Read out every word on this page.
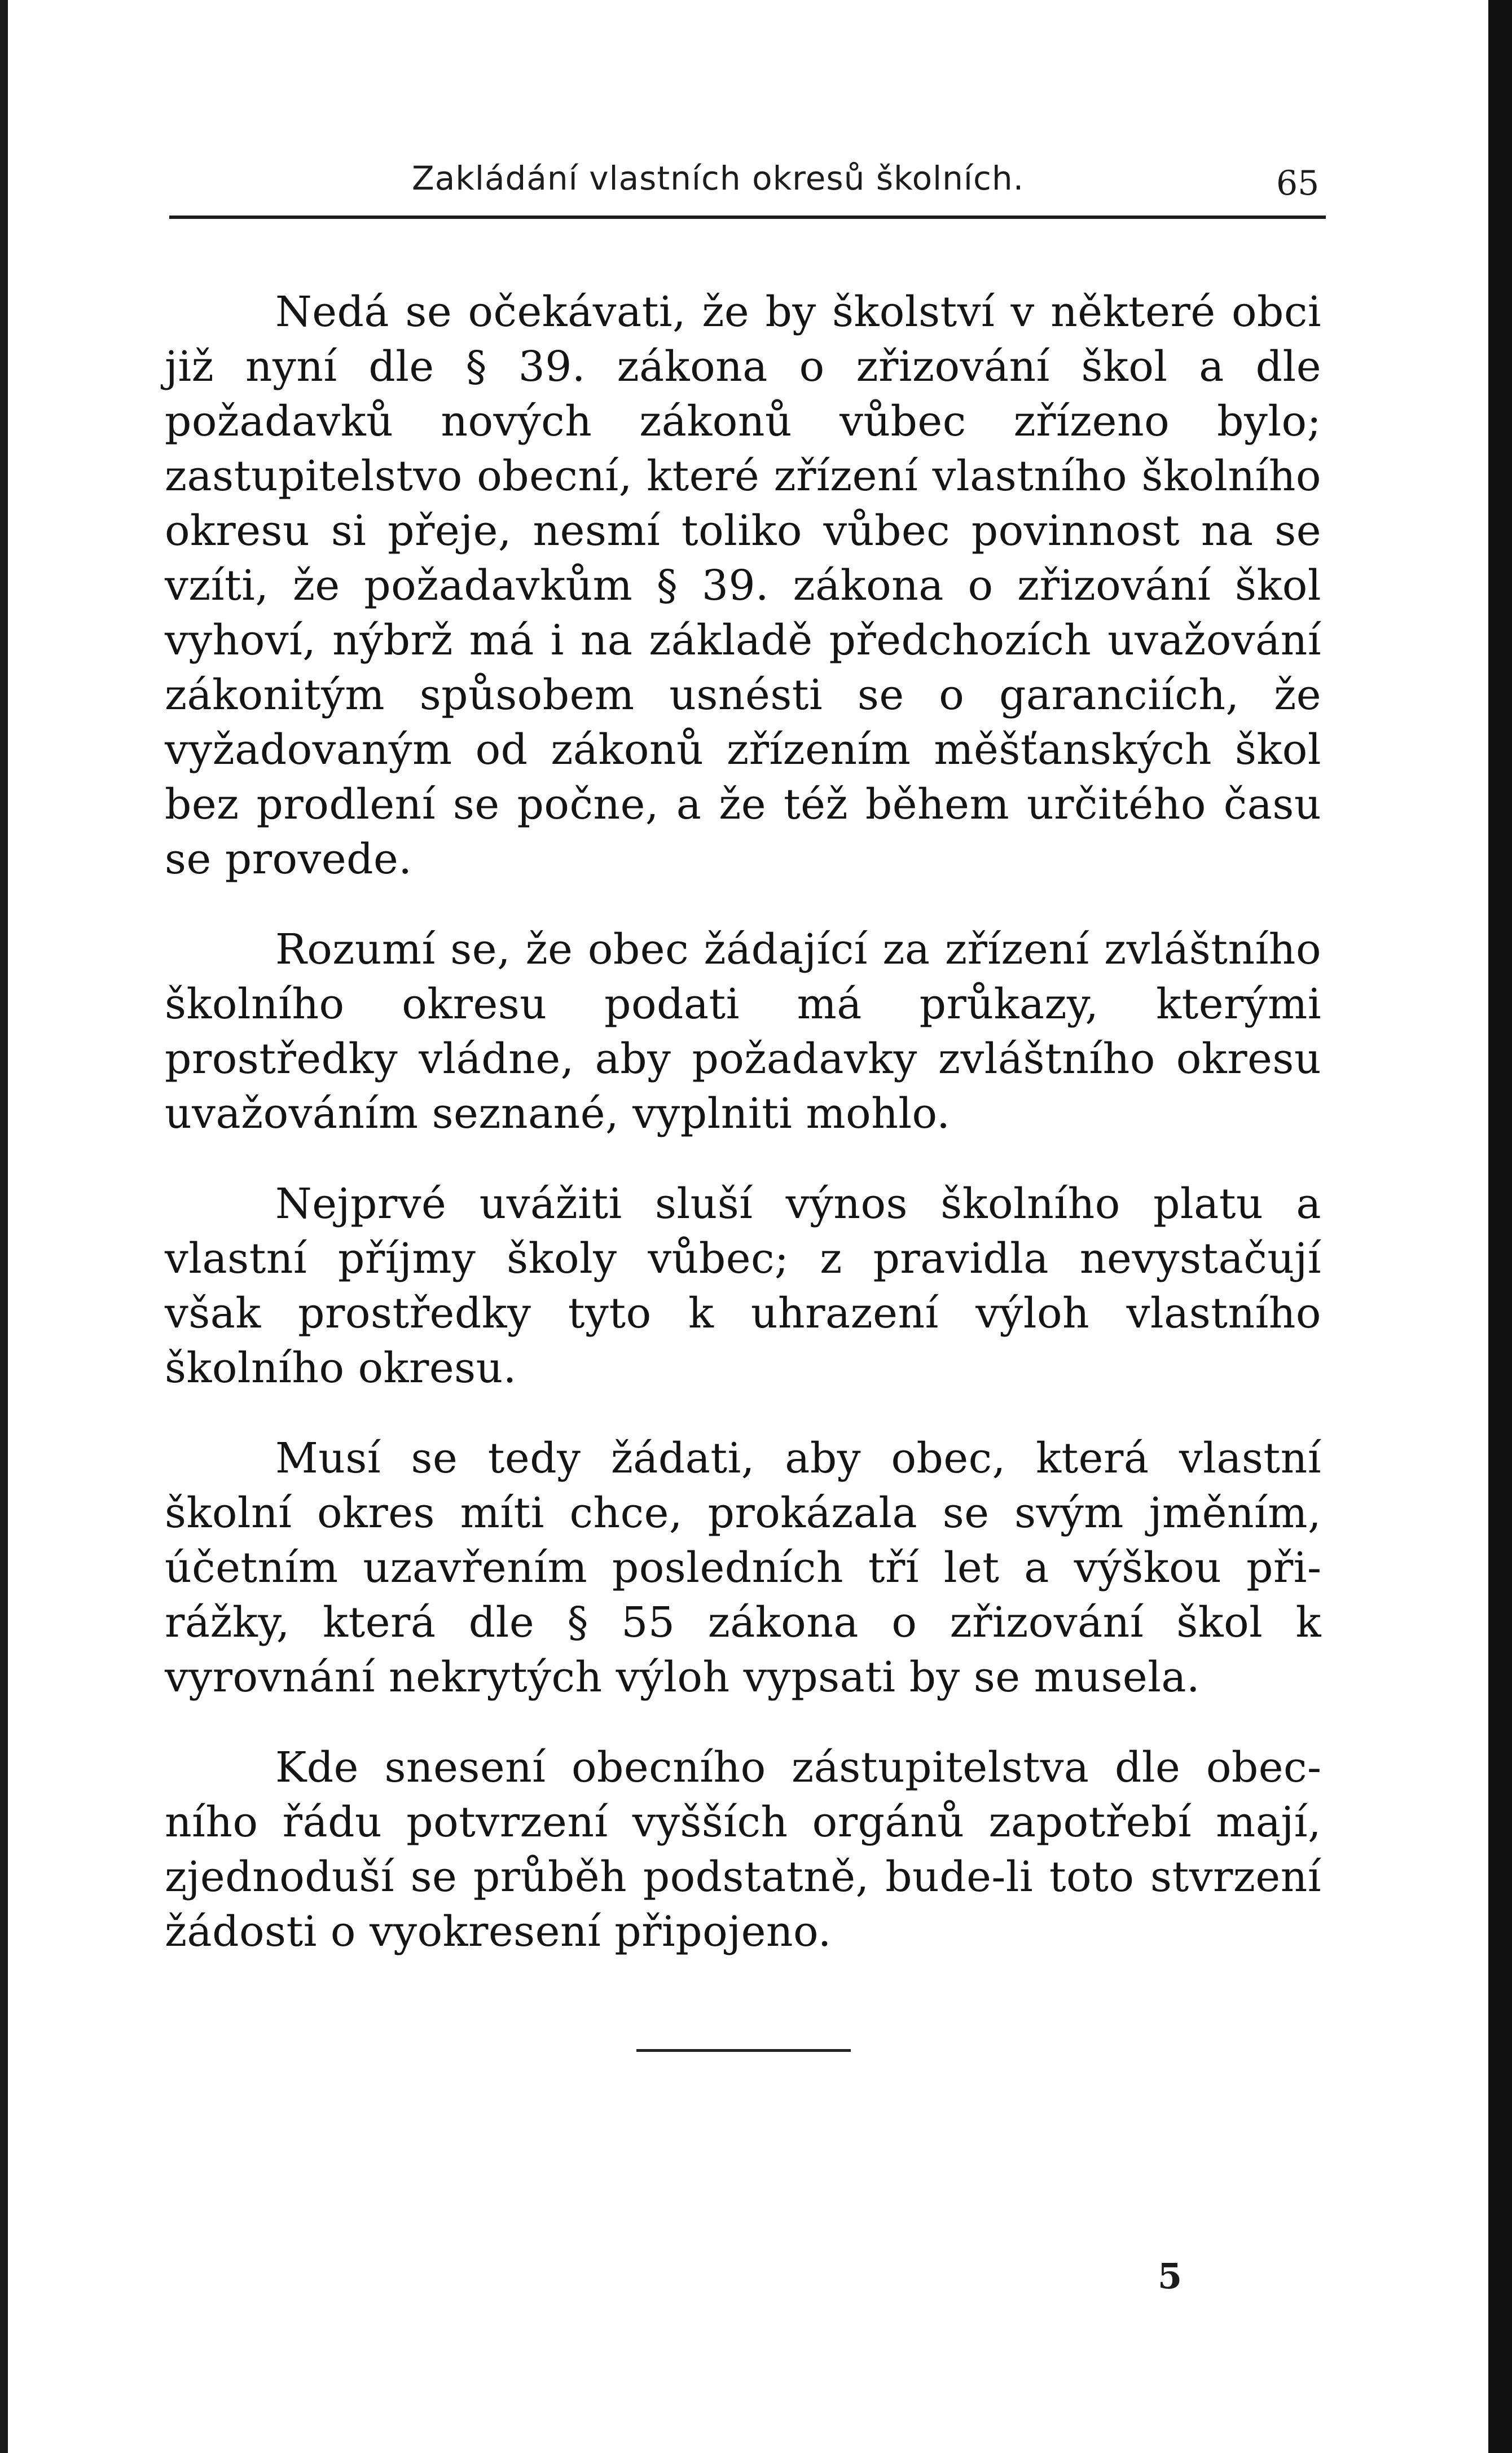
Zakládání vlastních okresů školních.	65

Nedá se očekávati, že by školství v některé obci již nyní dle § 39. zákona o zřizování škol a dle požadavků nových zákonů vůbec zřízeno bylo; zastupitelstvo obecní, které zřízení vlastního školního okresu si přeje, nesmí toliko vůbec povinnost na se vzíti, že požadavkům § 39. zákona o zřizování škol vyhoví, nýbrž má i na základě předchozích uvažování zákonitým spůsobem usnésti se o garanciích, že vyžadovaným od zákonů zřízením měšťanských škol bez prodlení se počne, a že též během určitého času se provede.

Rozumí se, že obec žádající za zřízení zvláštního školního okresu podati má průkazy, kterými prostředky vládne, aby požadavky zvláštního okresu uvažováním seznané, vyplniti mohlo.

Nejprvé uvážiti sluší výnos školního platu a vlastní příjmy školy vůbec; z pravidla nevystačují však prostředky tyto k uhrazení výloh vlastního školního okresu.

Musí se tedy žádati, aby obec, která vlastní školní okres míti chce, prokázala se svým jměním, účetním uzavřením posledních tří let a výškou přirážky, která dle § 55 zákona o zřizování škol k vyrovnání nekrytých výloh vypsati by se musela.

Kde snesení obecního zástupitelstva dle obecního řádu potvrzení vyšších orgánů zapotřebí mají, zjednoduší se průběh podstatně, bude-li toto stvrzení žádosti o vyokresení připojeno.

5
